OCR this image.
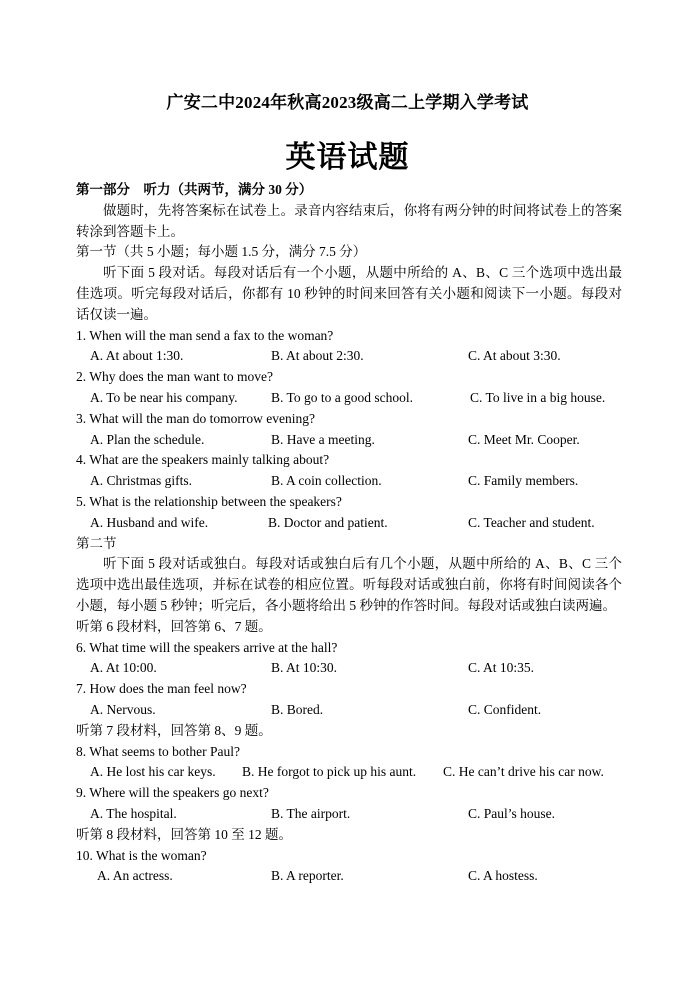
广安二中2024年秋高2023级高二上学期入学考试
英语试题
第一部分　听力（共两节，满分 30 分）
做题时，先将答案标在试卷上。录音内容结束后，你将有两分钟的时间将试卷上的答案转涂到答题卡上。
第一节（共 5 小题；每小题 1.5 分，满分 7.5 分）
听下面 5 段对话。每段对话后有一个小题，从题中所给的 A、B、C 三个选项中选出最佳选项。听完每段对话后，你都有 10 秒钟的时间来回答有关小题和阅读下一小题。每段对话仅读一遍。
1. When will the man send a fax to the woman?
A. At about 1:30.	B. At about 2:30.	C. At about 3:30.
2. Why does the man want to move?
A. To be near his company. B. To go to a good school.	C. To live in a big house.
3. What will the man do tomorrow evening?
A. Plan the schedule.	B. Have a meeting.	C. Meet Mr. Cooper.
4. What are the speakers mainly talking about?
A. Christmas gifts.	B. A coin collection.	C. Family members.
5. What is the relationship between the speakers?
A. Husband and wife.	B. Doctor and patient.	C. Teacher and student.
第二节
听下面 5 段对话或独白。每段对话或独白后有几个小题，从题中所给的 A、B、C 三个选项中选出最佳选项，并标在试卷的相应位置。听每段对话或独白前，你将有时间阅读各个小题，每小题 5 秒钟；听完后，各小题将给出 5 秒钟的作答时间。每段对话或独白读两遍。
听第 6 段材料，回答第 6、7 题。
6. What time will the speakers arrive at the hall?
A. At 10:00.	B. At 10:30.	C. At 10:35.
7. How does the man feel now?
A. Nervous.	B. Bored.	C. Confident.
听第 7 段材料，回答第 8、9 题。
8. What seems to bother Paul?
A. He lost his car keys. B. He forgot to pick up his aunt. C. He can’t drive his car now.
9. Where will the speakers go next?
A. The hospital.	B. The airport.	C. Paul’s house.
听第 8 段材料，回答第 10 至 12 题。
10. What is the woman?
A. An actress.	B. A reporter.	C. A hostess.
